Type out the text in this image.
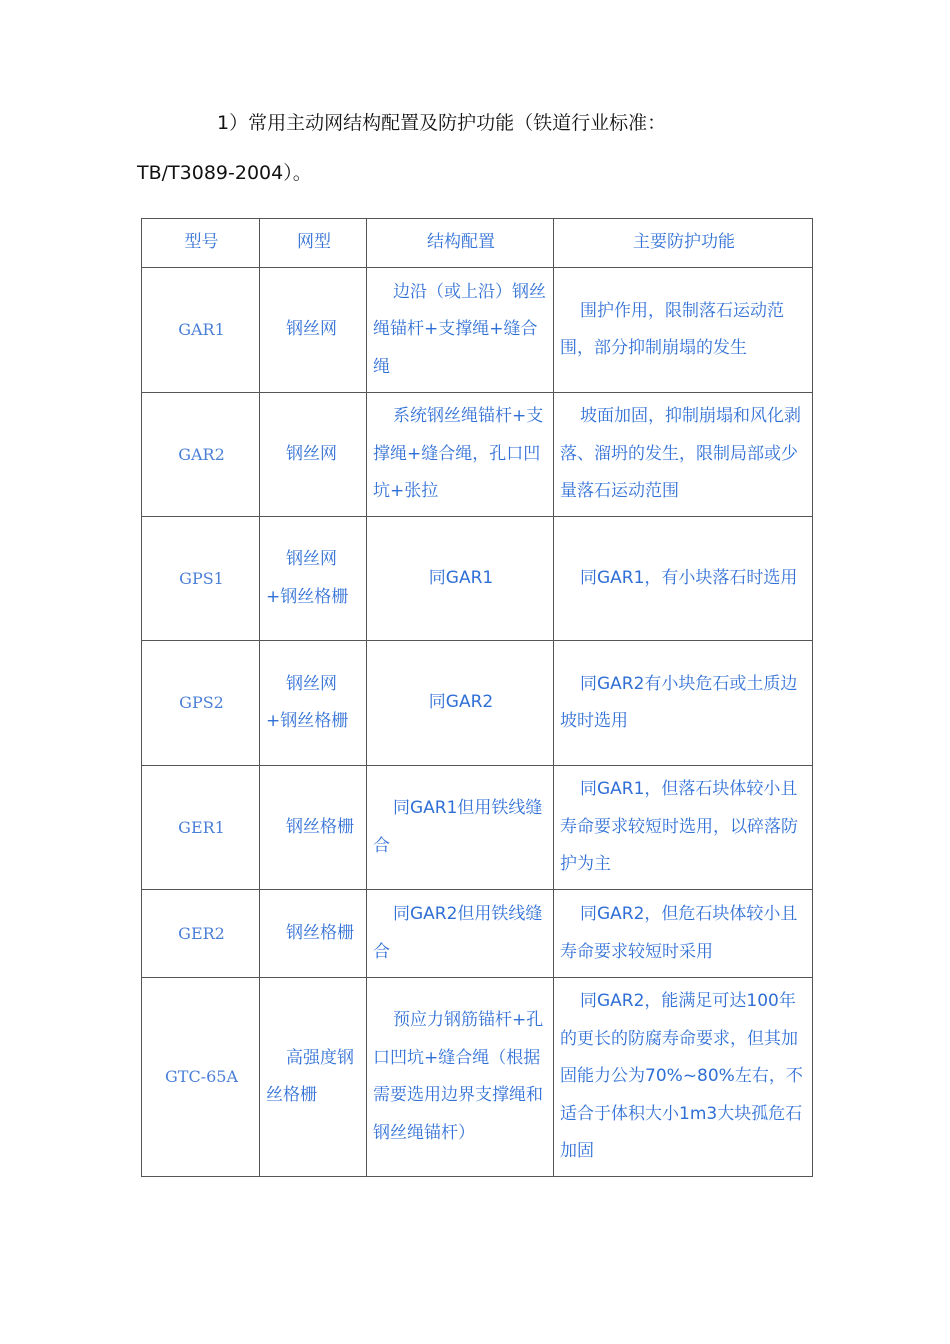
1）常用主动网结构配置及防护功能（铁道行业标准：
TB/T3089-2004）。
型号	网型	结构配置	主要防护功能
GAR1	钢丝网	边沿（或上沿）钢丝绳锚杆+支撑绳+缝合绳	围护作用，限制落石运动范围，部分抑制崩塌的发生
GAR2	钢丝网	系统钢丝绳锚杆+支撑绳+缝合绳，孔口凹坑+张拉	坡面加固，抑制崩塌和风化剥落、溜坍的发生，限制局部或少量落石运动范围
GPS1	钢丝网+钢丝格栅	同GAR1	同GAR1，有小块落石时选用
GPS2	钢丝网+钢丝格栅	同GAR2	同GAR2有小块危石或土质边坡时选用
GER1	钢丝格栅	同GAR1但用铁线缝合	同GAR1，但落石块体较小且寿命要求较短时选用，以碎落防护为主
GER2	钢丝格栅	同GAR2但用铁线缝合	同GAR2，但危石块体较小且寿命要求较短时采用
GTC-65A	高强度钢丝格栅	预应力钢筋锚杆+孔口凹坑+缝合绳（根据需要选用边界支撑绳和钢丝绳锚杆）	同GAR2，能满足可达100年的更长的防腐寿命要求，但其加固能力公为70%~80%左右，不适合于体积大小1m3大块孤危石加固
